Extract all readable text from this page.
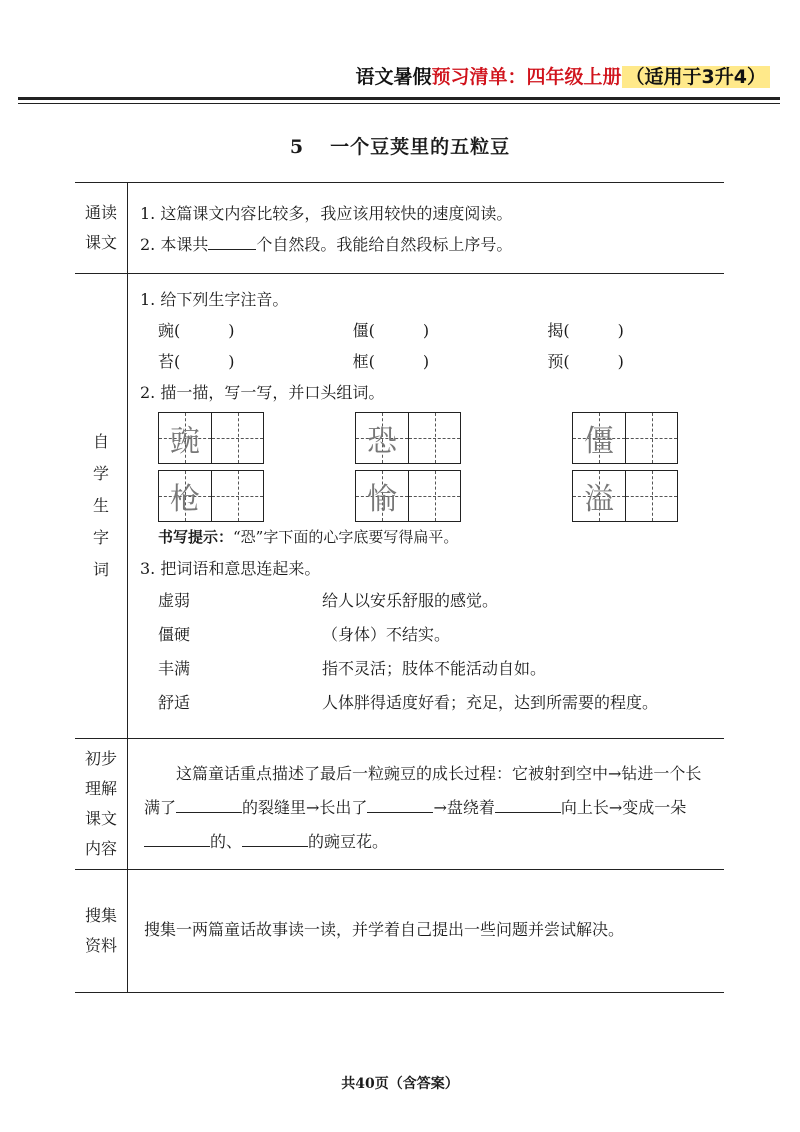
语文暑假预习清单：四年级上册 （适用于3升4）
5 一个豆荚里的五粒豆
通读课文
1. 这篇课文内容比较多，我应该用较快的速度阅读。
2. 本课共	个自然段。我能给自然段标上序号。
自
学
生
字
词
1. 给下列生字注音。
豌(　　　)	僵(　　　)	揭(　　　)
苔(　　　)	框(　　　)	预(　　　)
2. 描一描，写一写，并口头组词。
豌	恐	僵
枪	愉	溢
书写提示：“恐”字下面的心字底要写得扁平。
3. 把词语和意思连起来。
虚弱	给人以安乐舒服的感觉。
僵硬	（身体）不结实。
丰满	指不灵活；肢体不能活动自如。
舒适	人体胖得适度好看；充足，达到所需要的程度。
初步
理解
课文
内容
这篇童话重点描述了最后一粒豌豆的成长过程：它被射到空中→钻进一个长满了	的裂缝里→长出了	→盘绕着	向上长→变成一朵的、	的豌豆花。
搜集
资料
搜集一两篇童话故事读一读，并学着自己提出一些问题并尝试解决。
共40页（含答案）
